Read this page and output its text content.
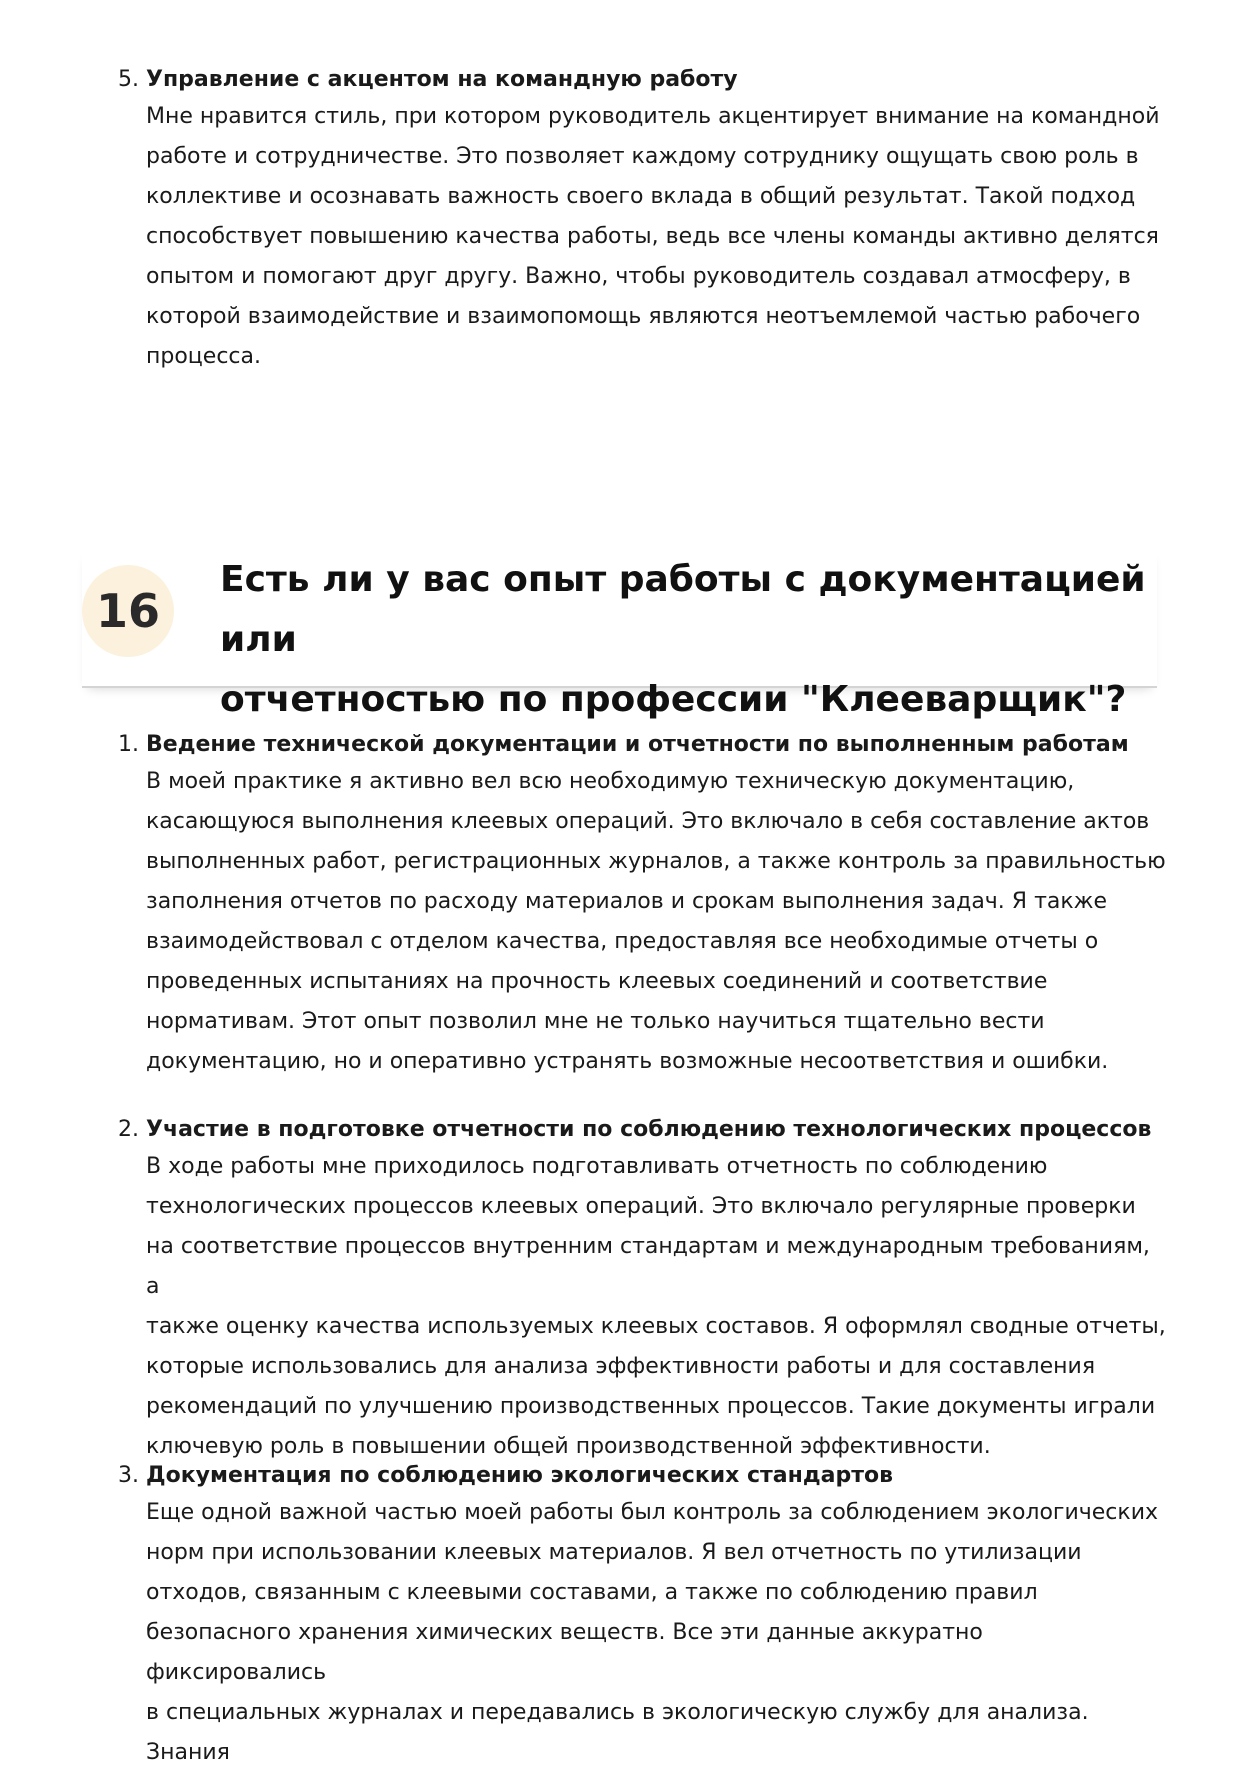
5. Управление с акцентом на командную работу
Мне нравится стиль, при котором руководитель акцентирует внимание на командной
работе и сотрудничестве. Это позволяет каждому сотруднику ощущать свою роль в
коллективе и осознавать важность своего вклада в общий результат. Такой подход
способствует повышению качества работы, ведь все члены команды активно делятся
опытом и помогают друг другу. Важно, чтобы руководитель создавал атмосферу, в
которой взаимодействие и взаимопомощь являются неотъемлемой частью рабочего
процесса.
16
Есть ли у вас опыт работы с документацией или
отчетностью по профессии "Клееварщик"?
1. Ведение технической документации и отчетности по выполненным работам
В моей практике я активно вел всю необходимую техническую документацию,
касающуюся выполнения клеевых операций. Это включало в себя составление актов
выполненных работ, регистрационных журналов, а также контроль за правильностью
заполнения отчетов по расходу материалов и срокам выполнения задач. Я также
взаимодействовал с отделом качества, предоставляя все необходимые отчеты о
проведенных испытаниях на прочность клеевых соединений и соответствие
нормативам. Этот опыт позволил мне не только научиться тщательно вести
документацию, но и оперативно устранять возможные несоответствия и ошибки.
2. Участие в подготовке отчетности по соблюдению технологических процессов
В ходе работы мне приходилось подготавливать отчетность по соблюдению
технологических процессов клеевых операций. Это включало регулярные проверки
на соответствие процессов внутренним стандартам и международным требованиям, а
также оценку качества используемых клеевых составов. Я оформлял сводные отчеты,
которые использовались для анализа эффективности работы и для составления
рекомендаций по улучшению производственных процессов. Такие документы играли
ключевую роль в повышении общей производственной эффективности.
3. Документация по соблюдению экологических стандартов
Еще одной важной частью моей работы был контроль за соблюдением экологических
норм при использовании клеевых материалов. Я вел отчетность по утилизации
отходов, связанным с клеевыми составами, а также по соблюдению правил
безопасного хранения химических веществ. Все эти данные аккуратно фиксировались
в специальных журналах и передавались в экологическую службу для анализа. Знания
